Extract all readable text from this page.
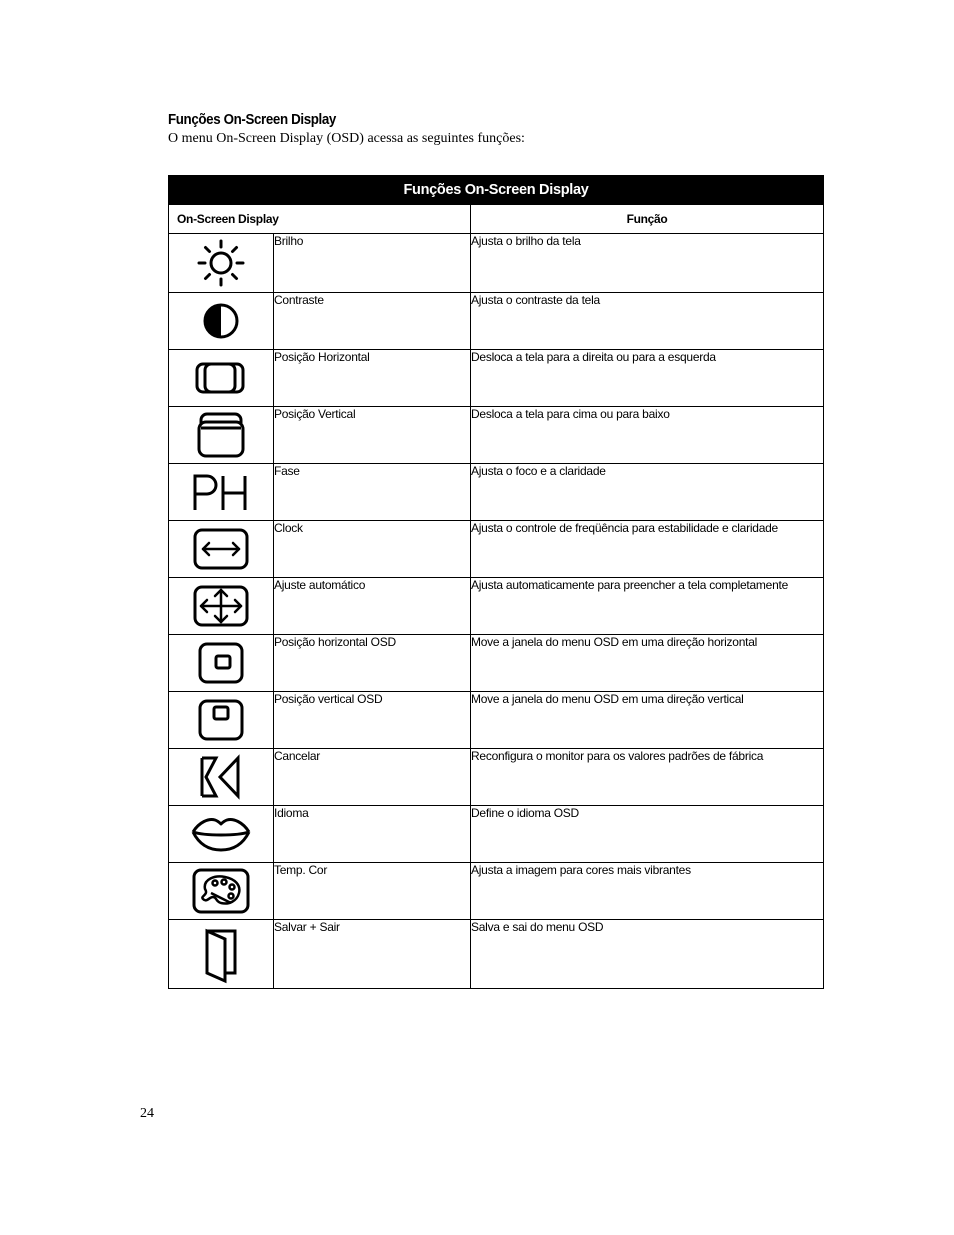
Funções On-Screen Display
O menu On-Screen Display (OSD) acessa as seguintes funções:
Funções On-Screen Display		
On-Screen Display		Função

	Brilho	Ajusta o brilho da tela

	Contraste	Ajusta o contraste da tela

	Posição Horizontal	Desloca a tela para a direita ou para a esquerda

	Posição Vertical	Desloca a tela para cima ou para baixo

	Fase	Ajusta o foco e a claridade

	Clock	Ajusta o controle de freqüência para estabilidade e claridade

	Ajuste automático	Ajusta automaticamente para preencher a tela completamente

	Posição horizontal OSD	Move a janela do menu OSD em uma direção horizontal

	Posição vertical OSD	Move a janela do menu OSD em uma direção vertical

	Cancelar	Reconfigura o monitor para os valores padrões de fábrica

	Idioma	Define o idioma OSD

	Temp. Cor	Ajusta a imagem para cores mais vibrantes

	Salvar + Sair	Salva e sai do menu OSD
24
